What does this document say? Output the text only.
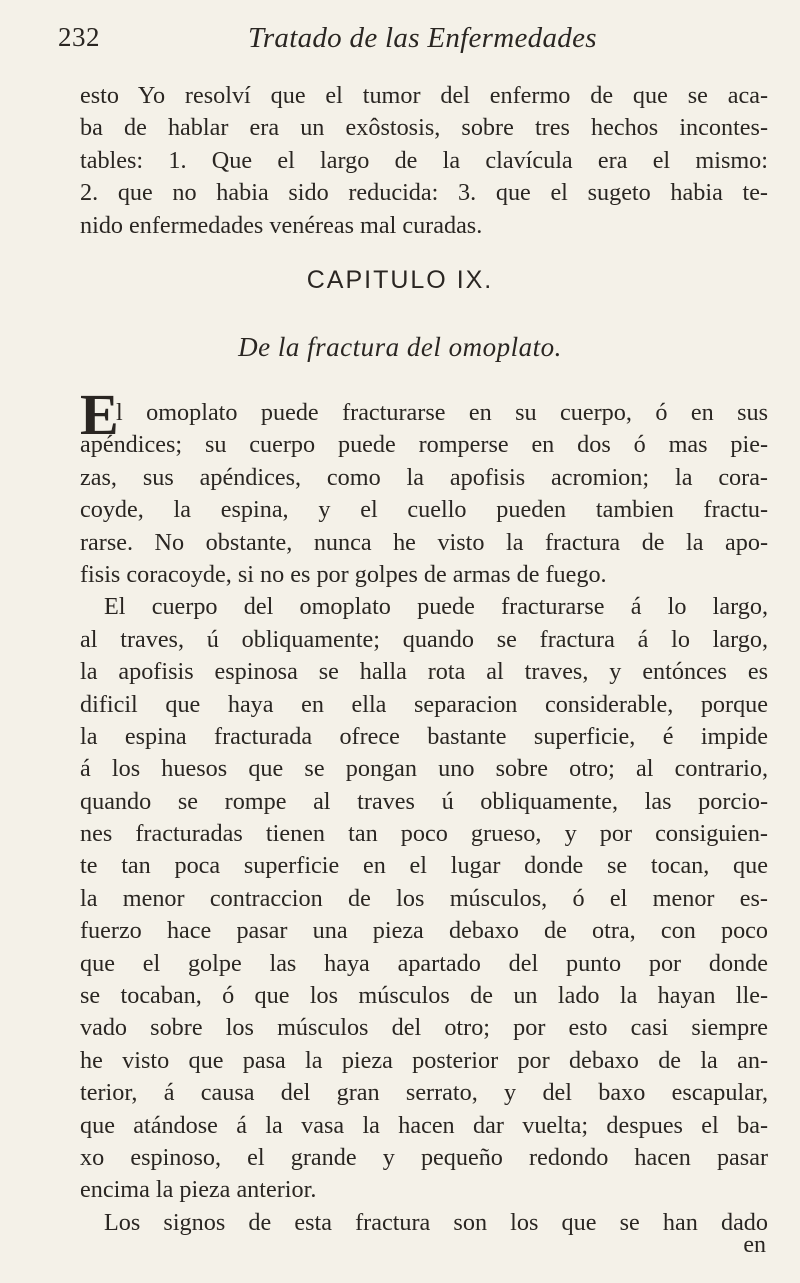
232	Tratado de las Enfermedades
esto Yo resolví que el tumor del enfermo de que se aca-
ba de hablar era un exôstosis, sobre tres hechos incontes-
tables: 1. Que el largo de la clavícula era el mismo:
2. que no habia sido reducida: 3. que el sugeto habia te-
nido enfermedades venéreas mal curadas.
CAPITULO IX.
De la fractura del omoplato.
E
l omoplato puede fracturarse en su cuerpo, ó en sus
apéndices; su cuerpo puede romperse en dos ó mas pie-
zas, sus apéndices, como la apofisis acromion; la cora-
coyde, la espina, y el cuello pueden tambien fractu-
rarse. No obstante, nunca he visto la fractura de la apo-
fisis coracoyde, si no es por golpes de armas de fuego.
El cuerpo del omoplato puede fracturarse á lo largo,
al traves, ú obliquamente; quando se fractura á lo largo,
la apofisis espinosa se halla rota al traves, y entónces es
dificil que haya en ella separacion considerable, porque
la espina fracturada ofrece bastante superficie, é impide
á los huesos que se pongan uno sobre otro; al contrario,
quando se rompe al traves ú obliquamente, las porcio-
nes fracturadas tienen tan poco grueso, y por consiguien-
te tan poca superficie en el lugar donde se tocan, que
la menor contraccion de los músculos, ó el menor es-
fuerzo hace pasar una pieza debaxo de otra, con poco
que el golpe las haya apartado del punto por donde
se tocaban, ó que los músculos de un lado la hayan lle-
vado sobre los músculos del otro; por esto casi siempre
he visto que pasa la pieza posterior por debaxo de la an-
terior, á causa del gran serrato, y del baxo escapular,
que atándose á la vasa la hacen dar vuelta; despues el ba-
xo espinoso, el grande y pequeño redondo hacen pasar
encima la pieza anterior.
Los signos de esta fractura son los que se han dado
en
